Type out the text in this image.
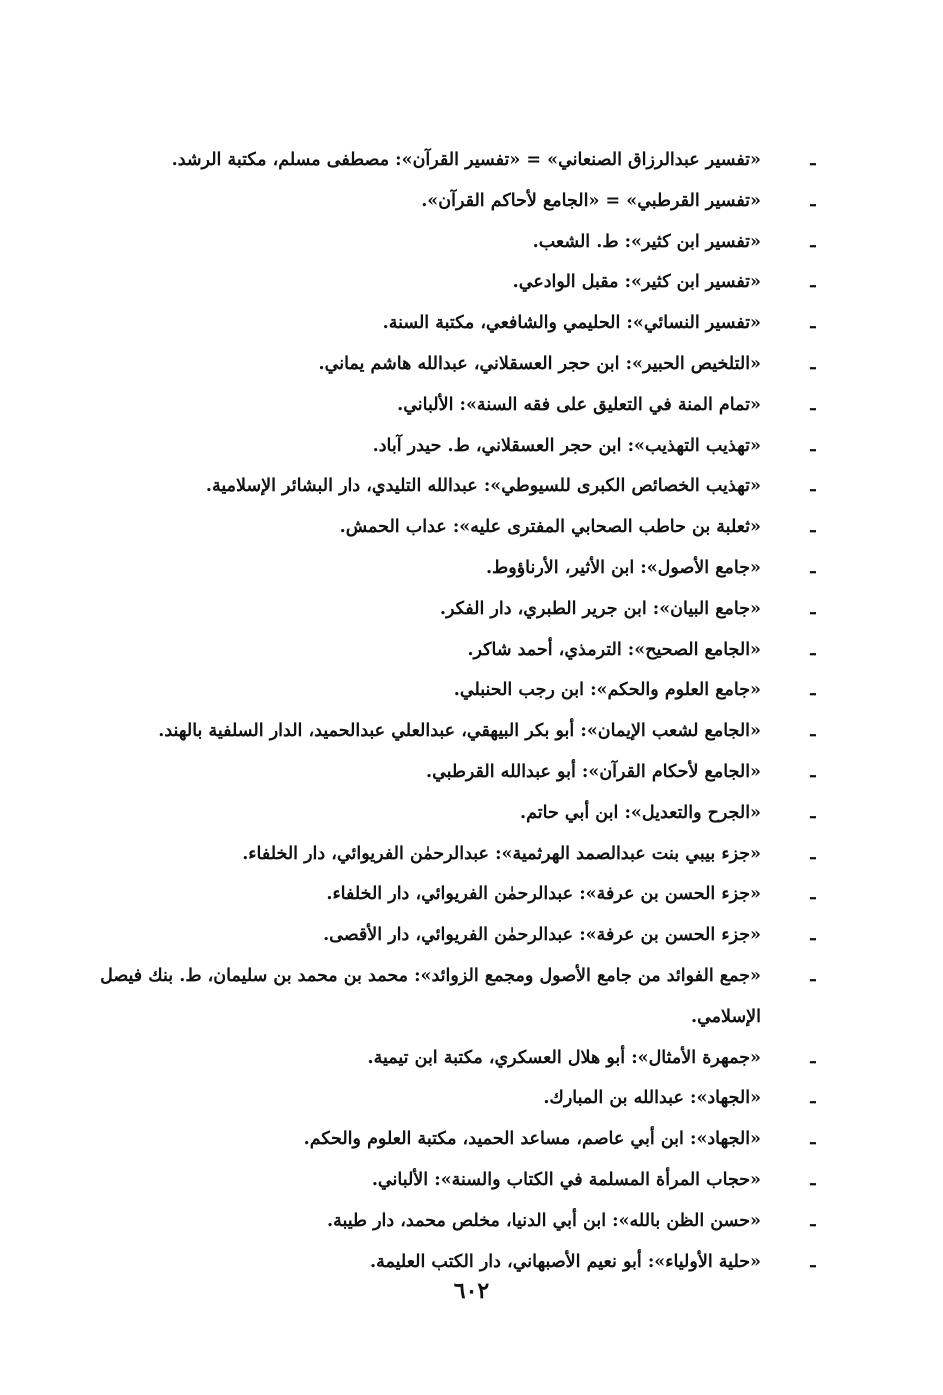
ـ
«تفسير عبدالرزاق الصنعاني» = «تفسير القرآن»: مصطفى مسلم، مكتبة الرشد.
ـ
«تفسير القرطبي» = «الجامع لأحاكم القرآن».
ـ
«تفسير ابن كثير»: ط. الشعب.
ـ
«تفسير ابن كثير»: مقبل الوادعي.
ـ
«تفسير النسائي»: الحليمي والشافعي، مكتبة السنة.
ـ
«التلخيص الحبير»: ابن حجر العسقلاني، عبدالله هاشم يماني.
ـ
«تمام المنة في التعليق على فقه السنة»: الألباني.
ـ
«تهذيب التهذيب»: ابن حجر العسقلاني، ط. حيدر آباد.
ـ
«تهذيب الخصائص الكبرى للسيوطي»: عبدالله التليدي، دار البشائر الإسلامية.
ـ
«ثعلبة بن حاطب الصحابي المفترى عليه»: عداب الحمش.
ـ
«جامع الأصول»: ابن الأثير، الأرناؤوط.
ـ
«جامع البيان»: ابن جرير الطبري، دار الفكر.
ـ
«الجامع الصحيح»: الترمذي، أحمد شاكر.
ـ
«جامع العلوم والحكم»: ابن رجب الحنبلي.
ـ
«الجامع لشعب الإيمان»: أبو بكر البيهقي، عبدالعلي عبدالحميد، الدار السلفية بالهند.
ـ
«الجامع لأحكام القرآن»: أبو عبدالله القرطبي.
ـ
«الجرح والتعديل»: ابن أبي حاتم.
ـ
«جزء بيبي بنت عبدالصمد الهرثمية»: عبدالرحمٰن الفريوائي، دار الخلفاء.
ـ
«جزء الحسن بن عرفة»: عبدالرحمٰن الفريوائي، دار الخلفاء.
ـ
«جزء الحسن بن عرفة»: عبدالرحمٰن الفريوائي، دار الأقصى.
ـ
«جمع الفوائد من جامع الأصول ومجمع الزوائد»: محمد بن محمد بن سليمان، ط. بنك فيصل الإسلامي.
ـ
«جمهرة الأمثال»: أبو هلال العسكري، مكتبة ابن تيمية.
ـ
«الجهاد»: عبدالله بن المبارك.
ـ
«الجهاد»: ابن أبي عاصم، مساعد الحميد، مكتبة العلوم والحكم.
ـ
«حجاب المرأة المسلمة في الكتاب والسنة»: الألباني.
ـ
«حسن الظن بالله»: ابن أبي الدنيا، مخلص محمد، دار طيبة.
ـ
«حلية الأولياء»: أبو نعيم الأصبهاني، دار الكتب العليمة.
٦٠٢
